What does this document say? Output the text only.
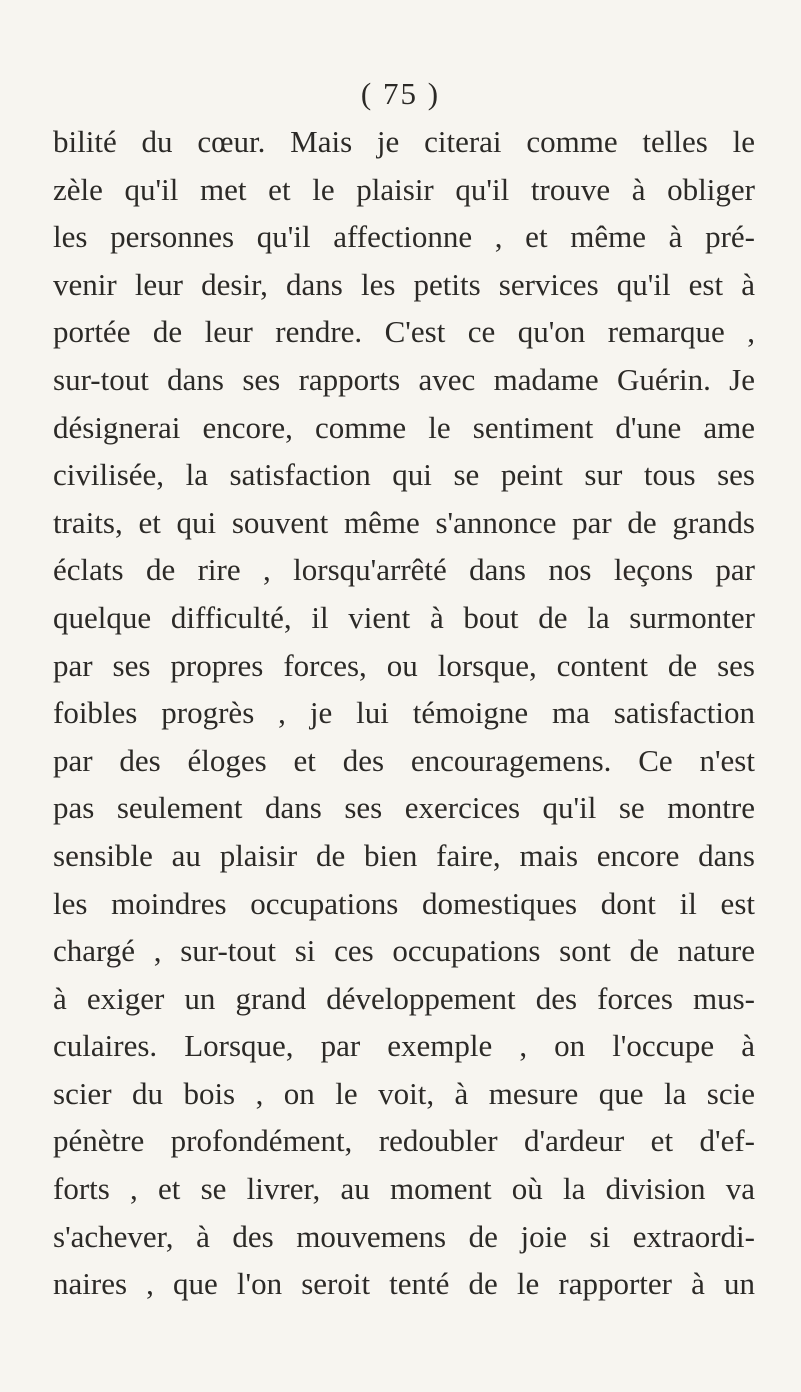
( 75 )
bilité du cœur. Mais je citerai comme telles le
zèle qu'il met et le plaisir qu'il trouve à obliger
les personnes qu'il affectionne , et même à pré-
venir leur desir, dans les petits services qu'il est à
portée de leur rendre. C'est ce qu'on remarque ,
sur-tout dans ses rapports avec madame Guérin. Je
désignerai encore, comme le sentiment d'une ame
civilisée, la satisfaction qui se peint sur tous ses
traits, et qui souvent même s'annonce par de grands
éclats de rire , lorsqu'arrêté dans nos leçons par
quelque difficulté, il vient à bout de la surmonter
par ses propres forces, ou lorsque, content de ses
foibles progrès , je lui témoigne ma satisfaction
par des éloges et des encouragemens. Ce n'est
pas seulement dans ses exercices qu'il se montre
sensible au plaisir de bien faire, mais encore dans
les moindres occupations domestiques dont il est
chargé , sur-tout si ces occupations sont de nature
à exiger un grand développement des forces mus-
culaires. Lorsque, par exemple , on l'occupe à
scier du bois , on le voit, à mesure que la scie
pénètre profondément, redoubler d'ardeur et d'ef-
forts , et se livrer, au moment où la division va
s'achever, à des mouvemens de joie si extraordi-
naires , que l'on seroit tenté de le rapporter à un
